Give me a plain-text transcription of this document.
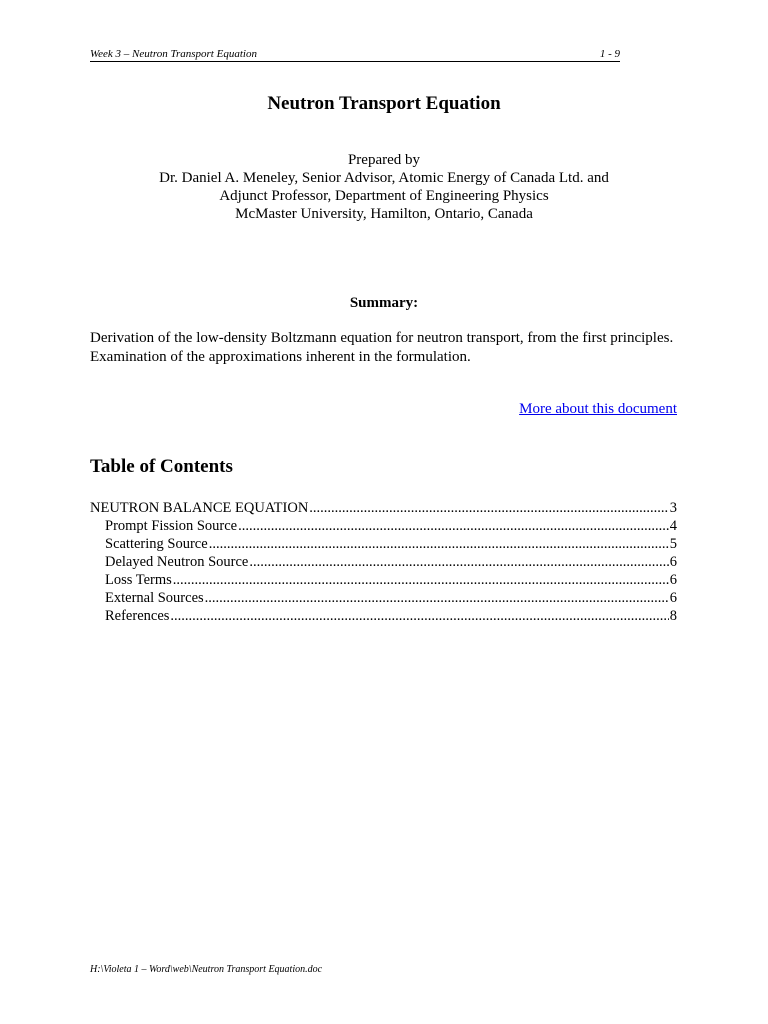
Week 3 – Neutron Transport Equation	1 - 9
Neutron Transport Equation
Prepared by
Dr. Daniel A. Meneley, Senior Advisor, Atomic Energy of Canada Ltd. and
Adjunct Professor, Department of Engineering Physics
McMaster University, Hamilton, Ontario, Canada
Summary:
Derivation of the low-density Boltzmann equation for neutron transport, from the first principles.
Examination of the approximations inherent in the formulation.
More about this document
Table of Contents
NEUTRON BALANCE EQUATION .....	3
Prompt Fission Source .....	4
Scattering Source .....	5
Delayed Neutron Source .....	6
Loss Terms .....	6
External Sources .....	6
References .....	8
H:\Violeta 1 – Word\web\Neutron Transport Equation.doc
